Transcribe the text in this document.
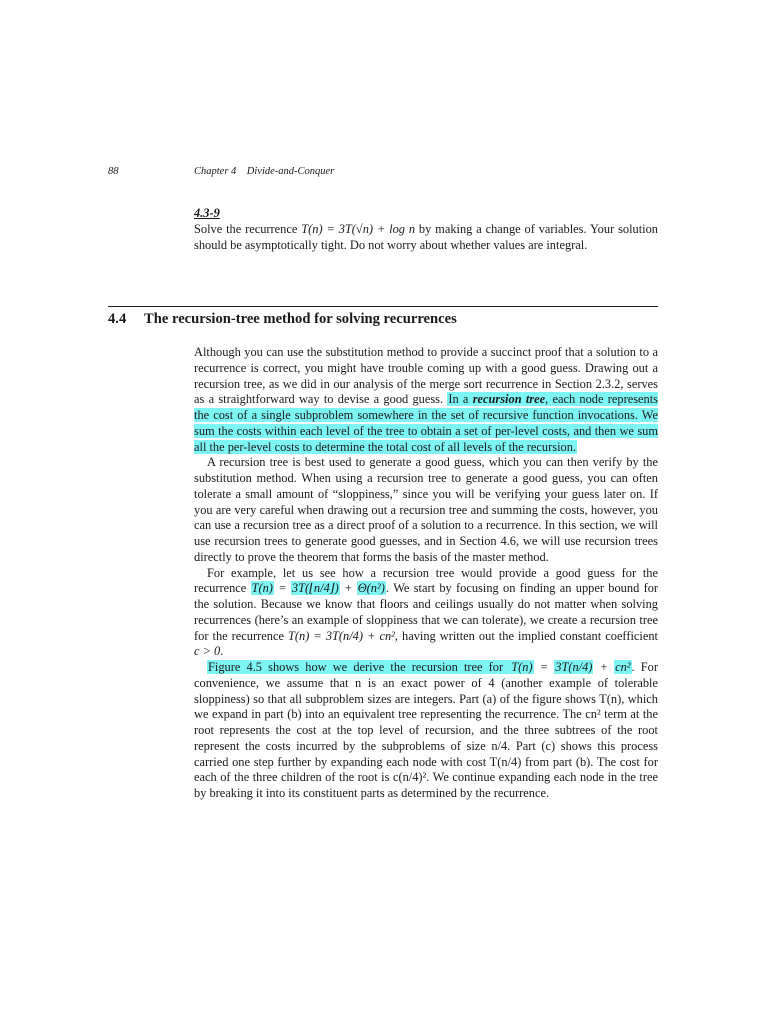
88	Chapter 4    Divide-and-Conquer
4.3-9
Solve the recurrence T(n) = 3T(√n) + log n by making a change of variables. Your solution should be asymptotically tight. Do not worry about whether values are integral.
4.4 The recursion-tree method for solving recurrences

Although you can use the substitution method to provide a succinct proof that a solution to a recurrence is correct, you might have trouble coming up with a good guess. Drawing out a recursion tree, as we did in our analysis of the merge sort recurrence in Section 2.3.2, serves as a straightforward way to devise a good guess. In a recursion tree, each node represents the cost of a single subproblem somewhere in the set of recursive function invocations. We sum the costs within each level of the tree to obtain a set of per-level costs, and then we sum all the per-level costs to determine the total cost of all levels of the recursion.

A recursion tree is best used to generate a good guess, which you can then verify by the substitution method. When using a recursion tree to generate a good guess, you can often tolerate a small amount of “sloppiness,” since you will be verifying your guess later on. If you are very careful when drawing out a recursion tree and summing the costs, however, you can use a recursion tree as a direct proof of a solution to a recurrence. In this section, we will use recursion trees to generate good guesses, and in Section 4.6, we will use recursion trees directly to prove the theorem that forms the basis of the master method.

For example, let us see how a recursion tree would provide a good guess for the recurrence T(n) = 3T(⌊n/4⌋) + Θ(n²). We start by focusing on finding an upper bound for the solution. Because we know that floors and ceilings usually do not matter when solving recurrences (here’s an example of sloppiness that we can tolerate), we create a recursion tree for the recurrence T(n) = 3T(n/4) + cn², having written out the implied constant coefficient c > 0.

Figure 4.5 shows how we derive the recursion tree for T(n) = 3T(n/4) + cn². For convenience, we assume that n is an exact power of 4 (another example of tolerable sloppiness) so that all subproblem sizes are integers. Part (a) of the figure shows T(n), which we expand in part (b) into an equivalent tree representing the recurrence. The cn² term at the root represents the cost at the top level of recursion, and the three subtrees of the root represent the costs incurred by the subproblems of size n/4. Part (c) shows this process carried one step further by expanding each node with cost T(n/4) from part (b). The cost for each of the three children of the root is c(n/4)². We continue expanding each node in the tree by breaking it into its constituent parts as determined by the recurrence.
